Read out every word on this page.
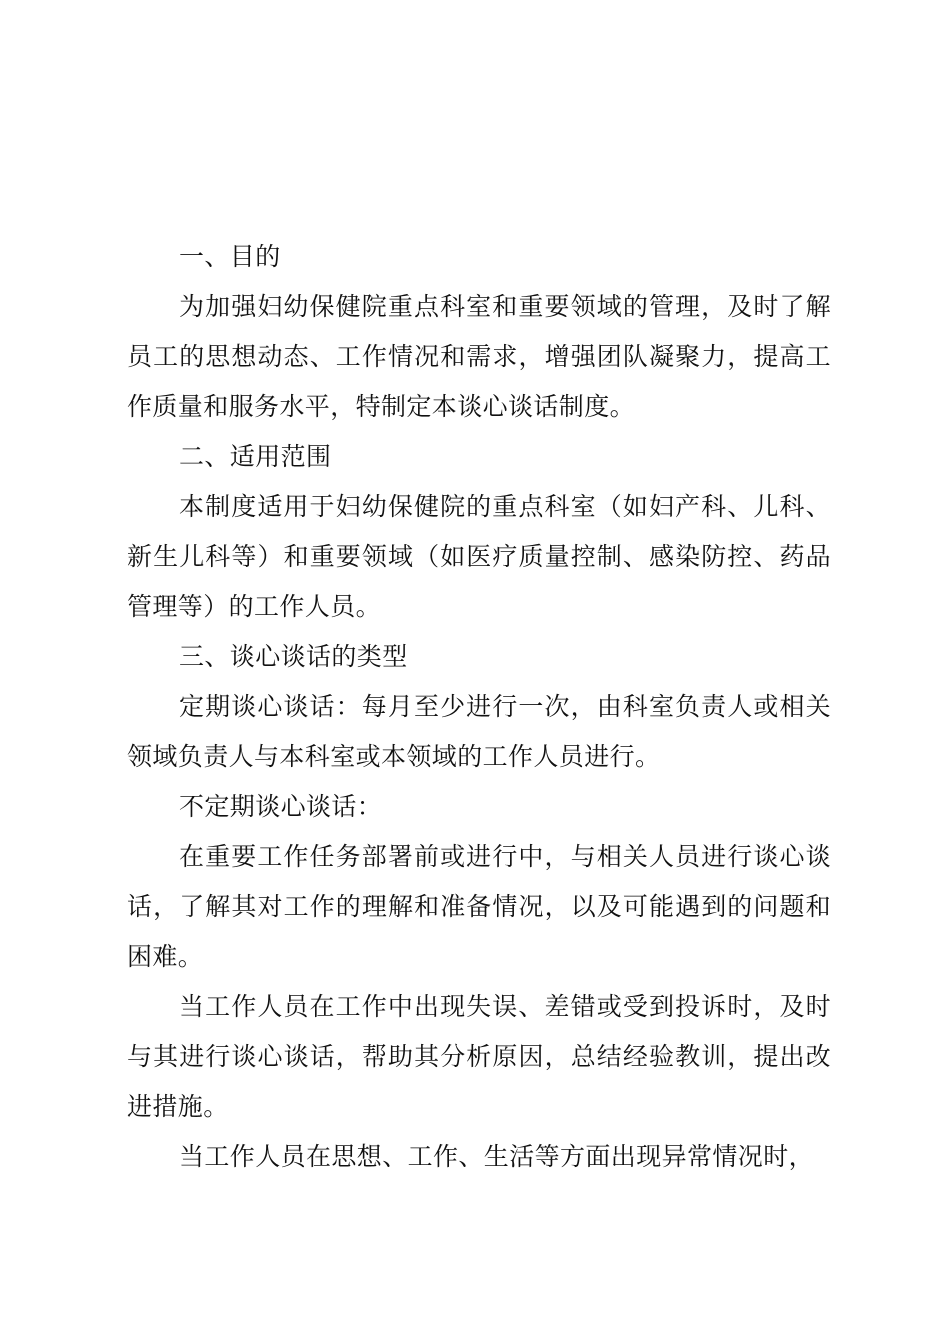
一、目的

为加强妇幼保健院重点科室和重要领域的管理，及时了解员工的思想动态、工作情况和需求，增强团队凝聚力，提高工作质量和服务水平，特制定本谈心谈话制度。

二、适用范围

本制度适用于妇幼保健院的重点科室（如妇产科、儿科、新生儿科等）和重要领域（如医疗质量控制、感染防控、药品管理等）的工作人员。

三、谈心谈话的类型

定期谈心谈话：每月至少进行一次，由科室负责人或相关领域负责人与本科室或本领域的工作人员进行。

不定期谈心谈话：

在重要工作任务部署前或进行中，与相关人员进行谈心谈话，了解其对工作的理解和准备情况，以及可能遇到的问题和困难。

当工作人员在工作中出现失误、差错或受到投诉时，及时与其进行谈心谈话，帮助其分析原因，总结经验教训，提出改进措施。

当工作人员在思想、工作、生活等方面出现异常情况时，
